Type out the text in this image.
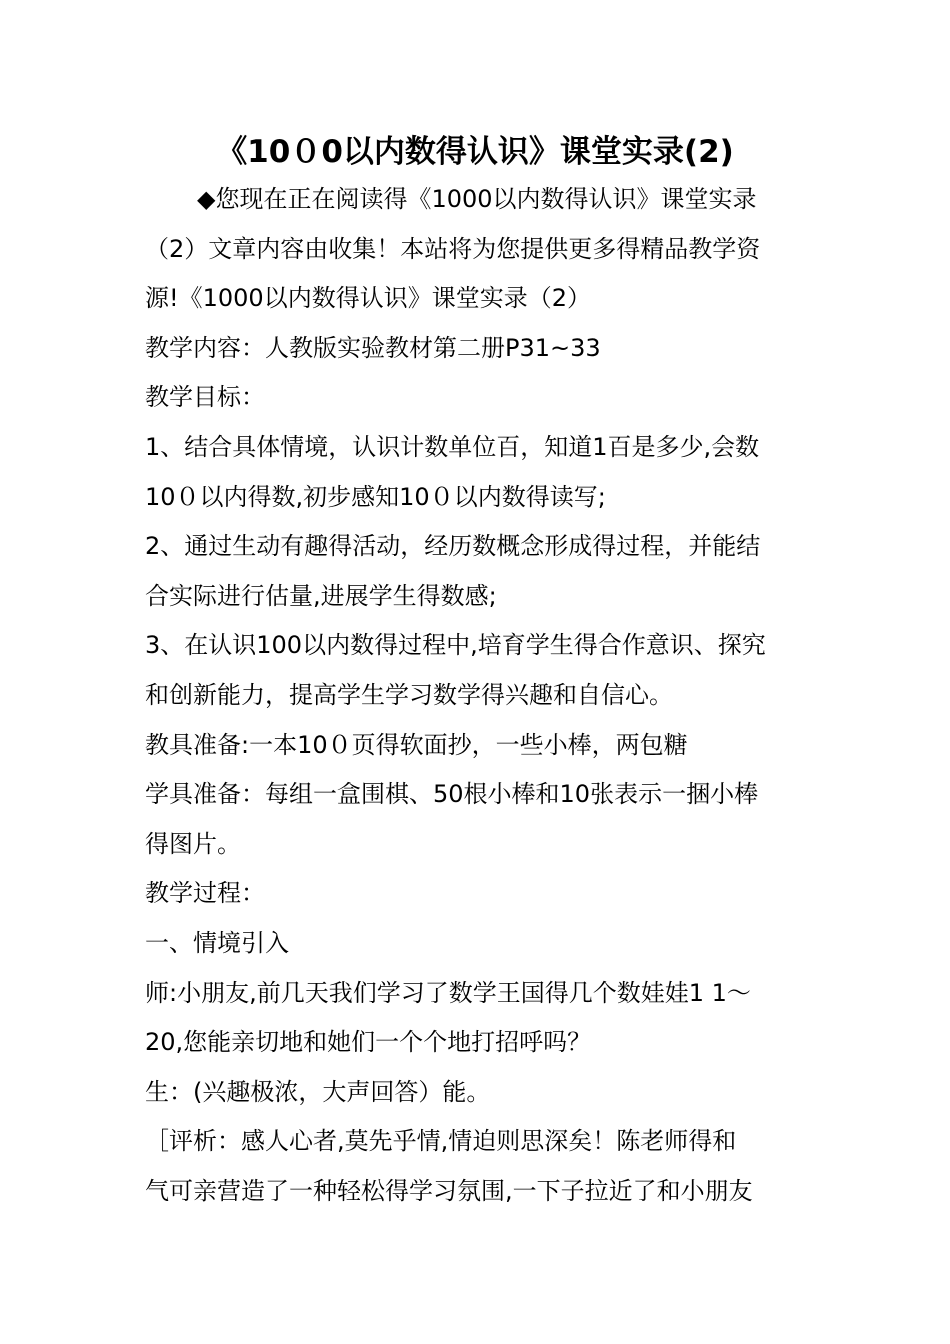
《10０0以内数得认识》课堂实录(2)
◆您现在正在阅读得《1000以内数得认识》课堂实录
（2）文章内容由收集！本站将为您提供更多得精品教学资
源!《1000以内数得认识》课堂实录（2）
教学内容：人教版实验教材第二册P31~33
教学目标：
1、结合具体情境，认识计数单位百，知道1百是多少,会数
10０以内得数,初步感知10０以内数得读写;
2、通过生动有趣得活动，经历数概念形成得过程，并能结
合实际进行估量,进展学生得数感;
3、在认识100以内数得过程中,培育学生得合作意识、探究
和创新能力，提高学生学习数学得兴趣和自信心。
教具准备:一本10０页得软面抄，一些小棒，两包糖
学具准备：每组一盒围棋、50根小棒和10张表示一捆小棒
得图片。
教学过程：
一、情境引入
师:小朋友,前几天我们学习了数学王国得几个数娃娃1 1～
20,您能亲切地和她们一个个地打招呼吗？
生：(兴趣极浓，大声回答）能。
［评析：感人心者,莫先乎情,情迫则思深矣！陈老师得和
气可亲营造了一种轻松得学习氛围,一下子拉近了和小朋友
